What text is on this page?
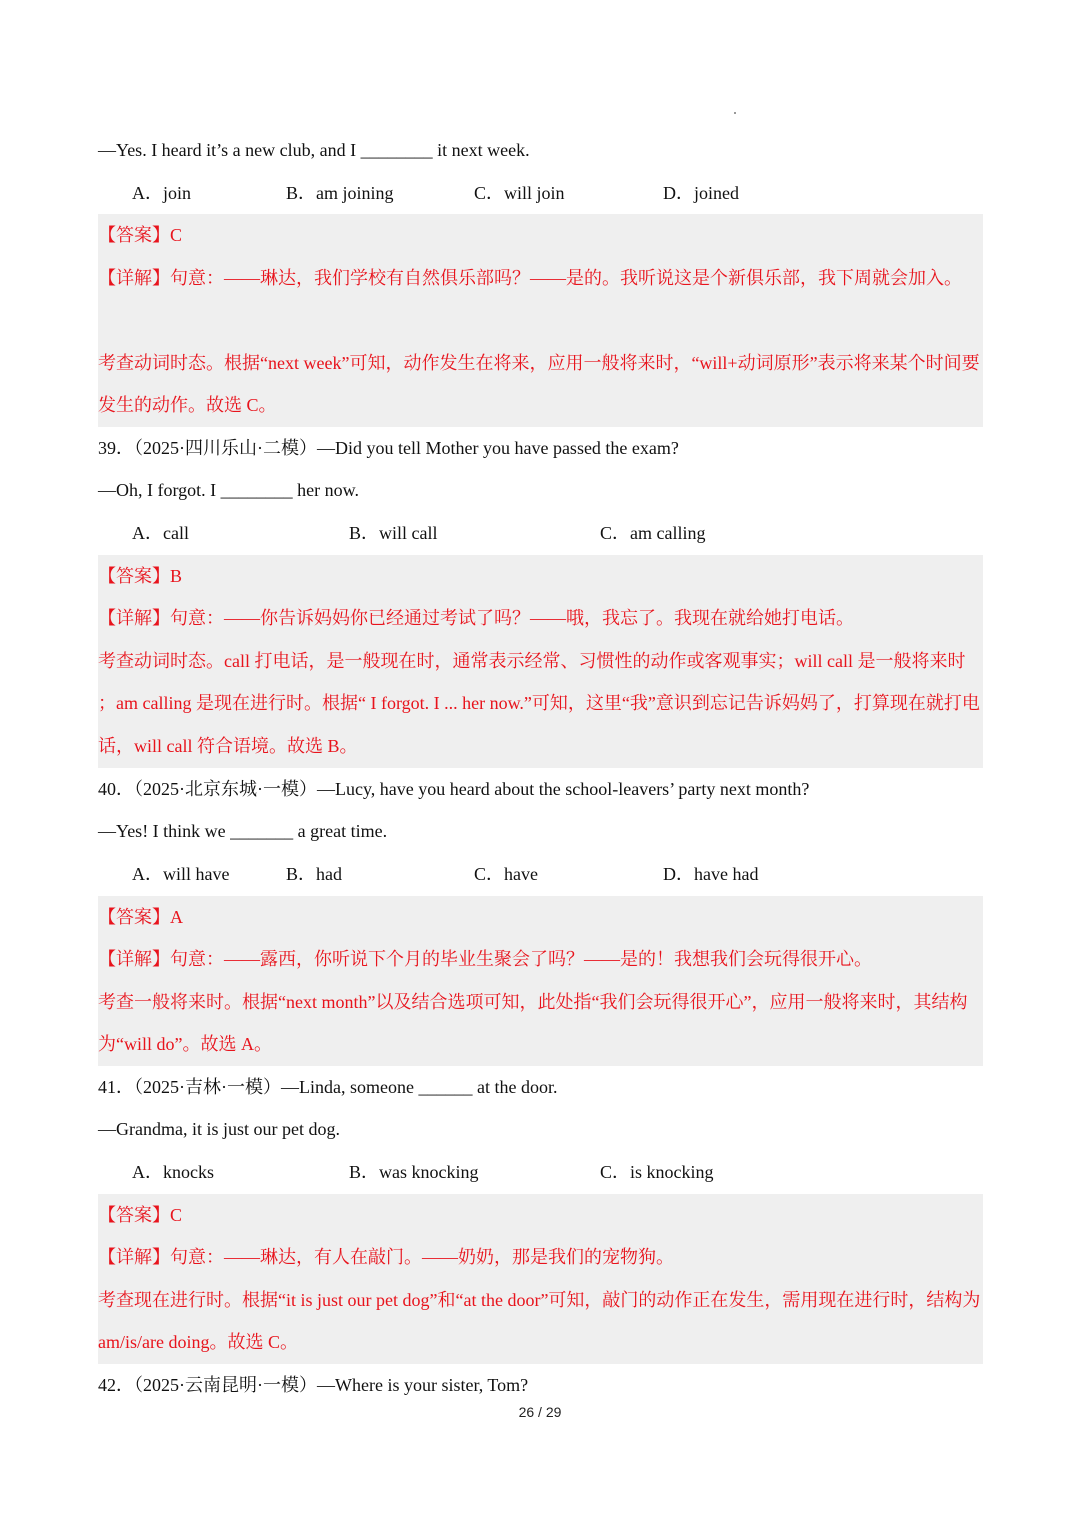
—Yes. I heard it’s a new club, and I ________ it next week.
A．join	B．am joining	C．will join	D．joined
【答案】C
【详解】句意：——琳达，我们学校有自然俱乐部吗？——是的。我听说这是个新俱乐部，我下周就会加入。
考查动词时态。根据“next week”可知，动作发生在将来，应用一般将来时，“will+动词原形”表示将来某个时间要发生的动作。故选 C。
39．（2025·四川乐山·二模）—Did you tell Mother you have passed the exam?
—Oh, I forgot. I ________ her now.
A．call	B．will call	C．am calling
【答案】B
【详解】句意：——你告诉妈妈你已经通过考试了吗？——哦，我忘了。我现在就给她打电话。
考查动词时态。call 打电话，是一般现在时，通常表示经常、习惯性的动作或客观事实；will call 是一般将来时 ；am calling 是现在进行时。根据“ I forgot. I ... her now.”可知，这里“我”意识到忘记告诉妈妈了，打算现在就打电话，will call 符合语境。故选 B。
40．（2025·北京东城·一模）—Lucy, have you heard about the school-leavers’ party next month?
—Yes! I think we _______ a great time.
A．will have	B．had	C．have	D．have had
【答案】A
【详解】句意：——露西，你听说下个月的毕业生聚会了吗？——是的！我想我们会玩得很开心。
考查一般将来时。根据“next month”以及结合选项可知，此处指“我们会玩得很开心”，应用一般将来时，其结构为“will do”。故选 A。
41．（2025·吉林·一模）—Linda, someone ______ at the door.
—Grandma, it is just our pet dog.
A．knocks	B．was knocking	C．is knocking
【答案】C
【详解】句意：——琳达，有人在敲门。——奶奶，那是我们的宠物狗。
考查现在进行时。根据“it is just our pet dog”和“at the door”可知，敲门的动作正在发生，需用现在进行时，结构为 am/is/are doing。故选 C。
42．（2025·云南昆明·一模）—Where is your sister, Tom?
26 / 29
